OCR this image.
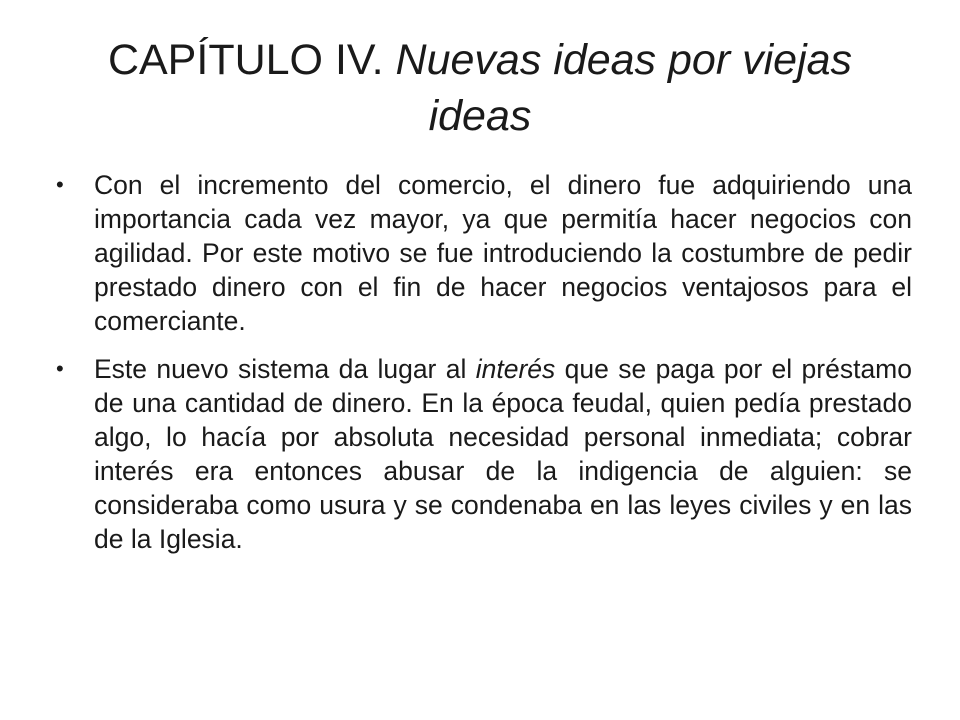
CAPÍTULO IV. Nuevas ideas por viejas ideas
•	Con el incremento del comercio, el dinero fue adquiriendo una importancia cada vez mayor, ya que permitía hacer negocios con agilidad. Por este motivo se fue introduciendo la costumbre de pedir prestado dinero con el fin de hacer negocios ventajosos para el comerciante.
•	Este nuevo sistema da lugar al interés que se paga por el préstamo de una cantidad de dinero. En la época feudal, quien pedía prestado algo, lo hacía por absoluta necesidad personal inmediata; cobrar interés era entonces abusar de la indigencia de alguien: se consideraba como usura y se condenaba en las leyes civiles y en las de la Iglesia.
